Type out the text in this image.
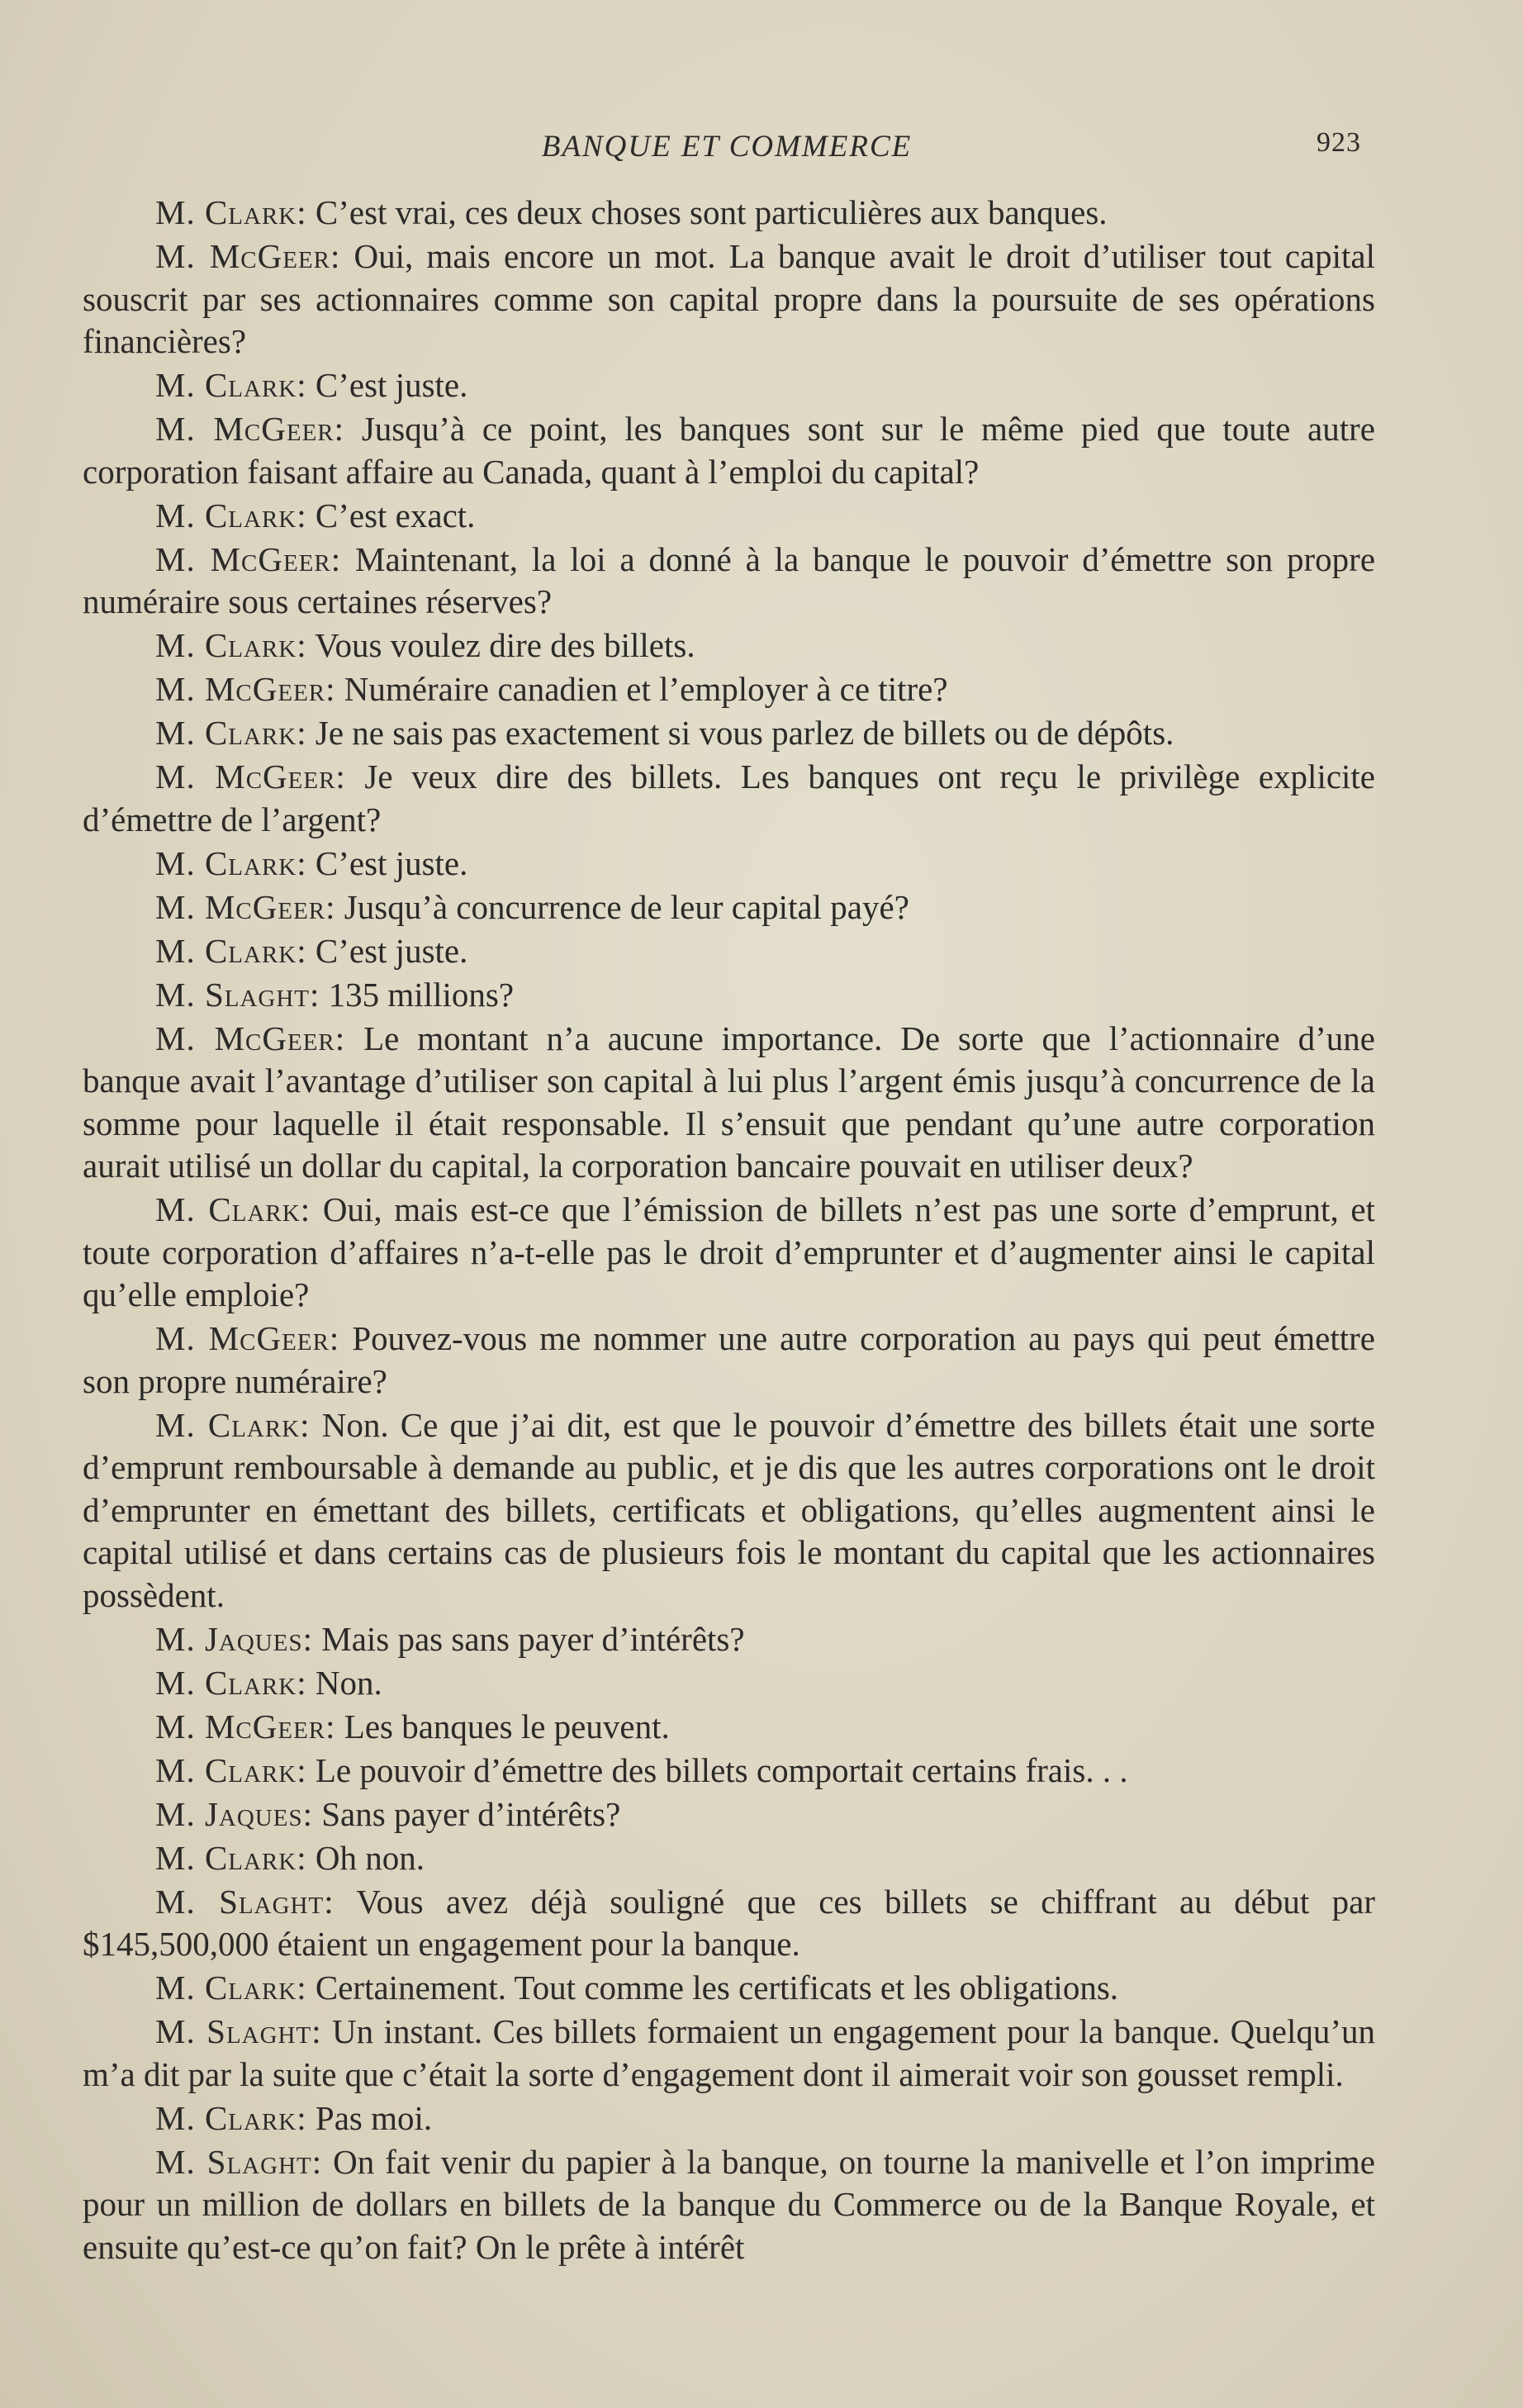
BANQUE ET COMMERCE	923

M. Clark: C’est vrai, ces deux choses sont particulières aux banques.

M. McGeer: Oui, mais encore un mot. La banque avait le droit d’utiliser tout capital souscrit par ses actionnaires comme son capital propre dans la poursuite de ses opérations financières?

M. Clark: C’est juste.

M. McGeer: Jusqu’à ce point, les banques sont sur le même pied que toute autre corporation faisant affaire au Canada, quant à l’emploi du capital?

M. Clark: C’est exact.

M. McGeer: Maintenant, la loi a donné à la banque le pouvoir d’émettre son propre numéraire sous certaines réserves?

M. Clark: Vous voulez dire des billets.

M. McGeer: Numéraire canadien et l’employer à ce titre?

M. Clark: Je ne sais pas exactement si vous parlez de billets ou de dépôts.

M. McGeer: Je veux dire des billets. Les banques ont reçu le privilège explicite d’émettre de l’argent?

M. Clark: C’est juste.

M. McGeer: Jusqu’à concurrence de leur capital payé?

M. Clark: C’est juste.

M. Slaght: 135 millions?

M. McGeer: Le montant n’a aucune importance. De sorte que l’actionnaire d’une banque avait l’avantage d’utiliser son capital à lui plus l’argent émis jusqu’à concurrence de la somme pour laquelle il était responsable. Il s’ensuit que pendant qu’une autre corporation aurait utilisé un dollar du capital, la corporation bancaire pouvait en utiliser deux?

M. Clark: Oui, mais est-ce que l’émission de billets n’est pas une sorte d’emprunt, et toute corporation d’affaires n’a-t-elle pas le droit d’emprunter et d’augmenter ainsi le capital qu’elle emploie?

M. McGeer: Pouvez-vous me nommer une autre corporation au pays qui peut émettre son propre numéraire?

M. Clark: Non. Ce que j’ai dit, est que le pouvoir d’émettre des billets était une sorte d’emprunt remboursable à demande au public, et je dis que les autres corporations ont le droit d’emprunter en émettant des billets, certificats et obligations, qu’elles augmentent ainsi le capital utilisé et dans certains cas de plusieurs fois le montant du capital que les actionnaires possèdent.

M. Jaques: Mais pas sans payer d’intérêts?

M. Clark: Non.

M. McGeer: Les banques le peuvent.

M. Clark: Le pouvoir d’émettre des billets comportait certains frais. . .

M. Jaques: Sans payer d’intérêts?

M. Clark: Oh non.

M. Slaght: Vous avez déjà souligné que ces billets se chiffrant au début par $145,500,000 étaient un engagement pour la banque.

M. Clark: Certainement. Tout comme les certificats et les obligations.

M. Slaght: Un instant. Ces billets formaient un engagement pour la banque. Quelqu’un m’a dit par la suite que c’était la sorte d’engagement dont il aimerait voir son gousset rempli.

M. Clark: Pas moi.

M. Slaght: On fait venir du papier à la banque, on tourne la manivelle et l’on imprime pour un million de dollars en billets de la banque du Commerce ou de la Banque Royale, et ensuite qu’est-ce qu’on fait? On le prête à intérêt
